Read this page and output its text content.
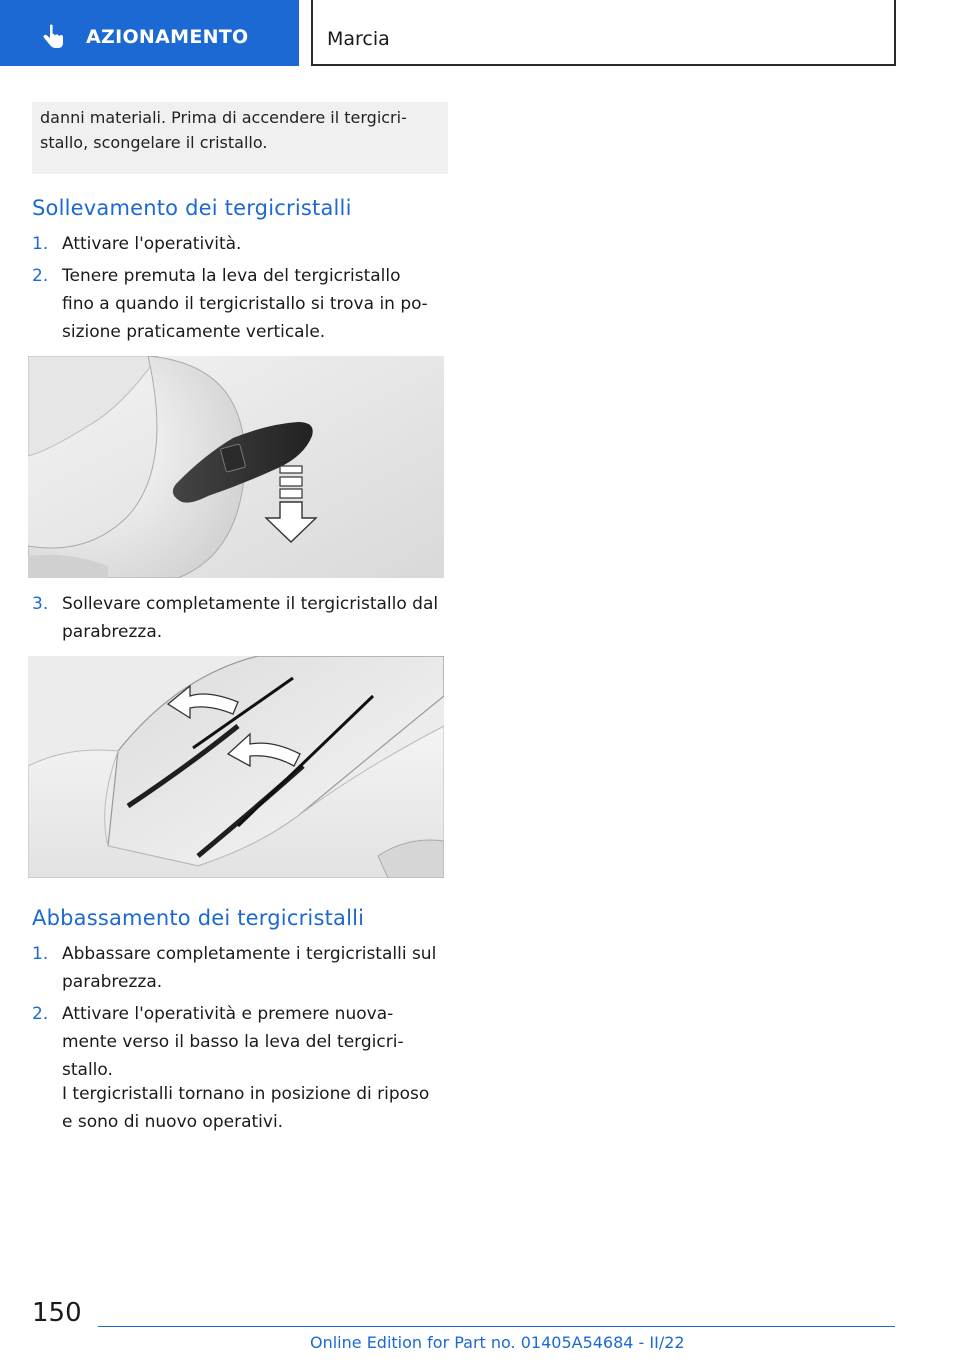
AZIONAMENTO	Marcia
danni materiali. Prima di accendere il tergicri‐
stallo, scongelare il cristallo.
Sollevamento dei tergicristalli
1. Attivare l'operatività.
2. Tenere premuta la leva del tergicristallo
fino a quando il tergicristallo si trova in po‐
sizione praticamente verticale.
3. Sollevare completamente il tergicristallo dal
parabrezza.
Abbassamento dei tergicristalli
1. Abbassare completamente i tergicristalli sul
parabrezza.
2. Attivare l'operatività e premere nuova‐
mente verso il basso la leva del tergicri‐
stallo.
I tergicristalli tornano in posizione di riposo
e sono di nuovo operativi.
150
Online Edition for Part no. 01405A54684 - II/22
